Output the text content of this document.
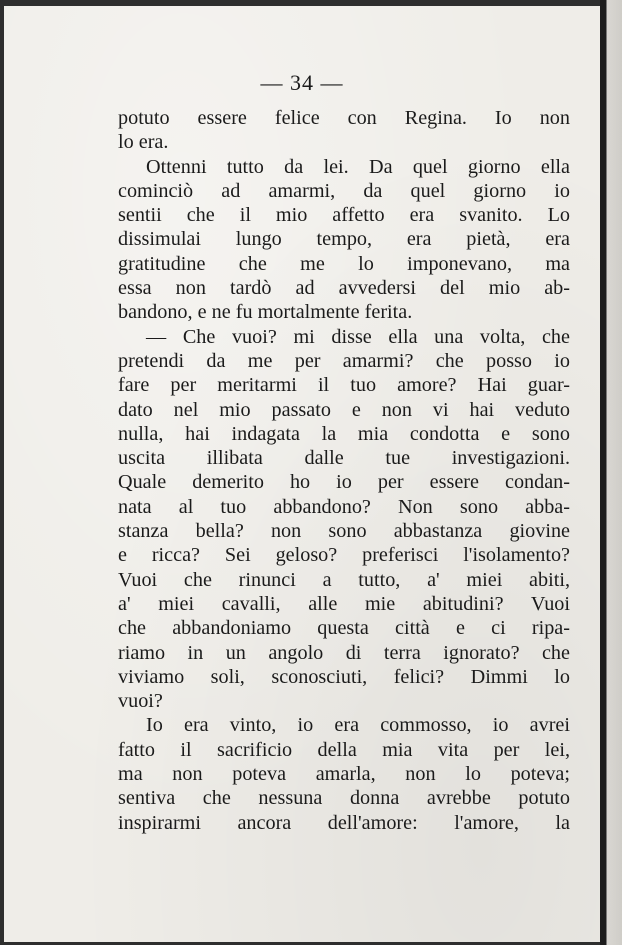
— 34 —
potuto essere felice con Regina. Io non
lo era.
Ottenni tutto da lei. Da quel giorno ella
cominciò ad amarmi, da quel giorno io
sentii che il mio affetto era svanito. Lo
dissimulai lungo tempo, era pietà, era
gratitudine che me lo imponevano, ma
essa non tardò ad avvedersi del mio ab-
bandono, e ne fu mortalmente ferita.
— Che vuoi? mi disse ella una volta, che
pretendi da me per amarmi? che posso io
fare per meritarmi il tuo amore? Hai guar-
dato nel mio passato e non vi hai veduto
nulla, hai indagata la mia condotta e sono
uscita illibata dalle tue investigazioni.
Quale demerito ho io per essere condan-
nata al tuo abbandono? Non sono abba-
stanza bella? non sono abbastanza giovine
e ricca? Sei geloso? preferisci l'isolamento?
Vuoi che rinunci a tutto, a' miei abiti,
a' miei cavalli, alle mie abitudini? Vuoi
che abbandoniamo questa città e ci ripa-
riamo in un angolo di terra ignorato? che
viviamo soli, sconosciuti, felici? Dimmi lo
vuoi?
Io era vinto, io era commosso, io avrei
fatto il sacrificio della mia vita per lei,
ma non poteva amarla, non lo poteva;
sentiva che nessuna donna avrebbe potuto
inspirarmi ancora dell'amore: l'amore, la
